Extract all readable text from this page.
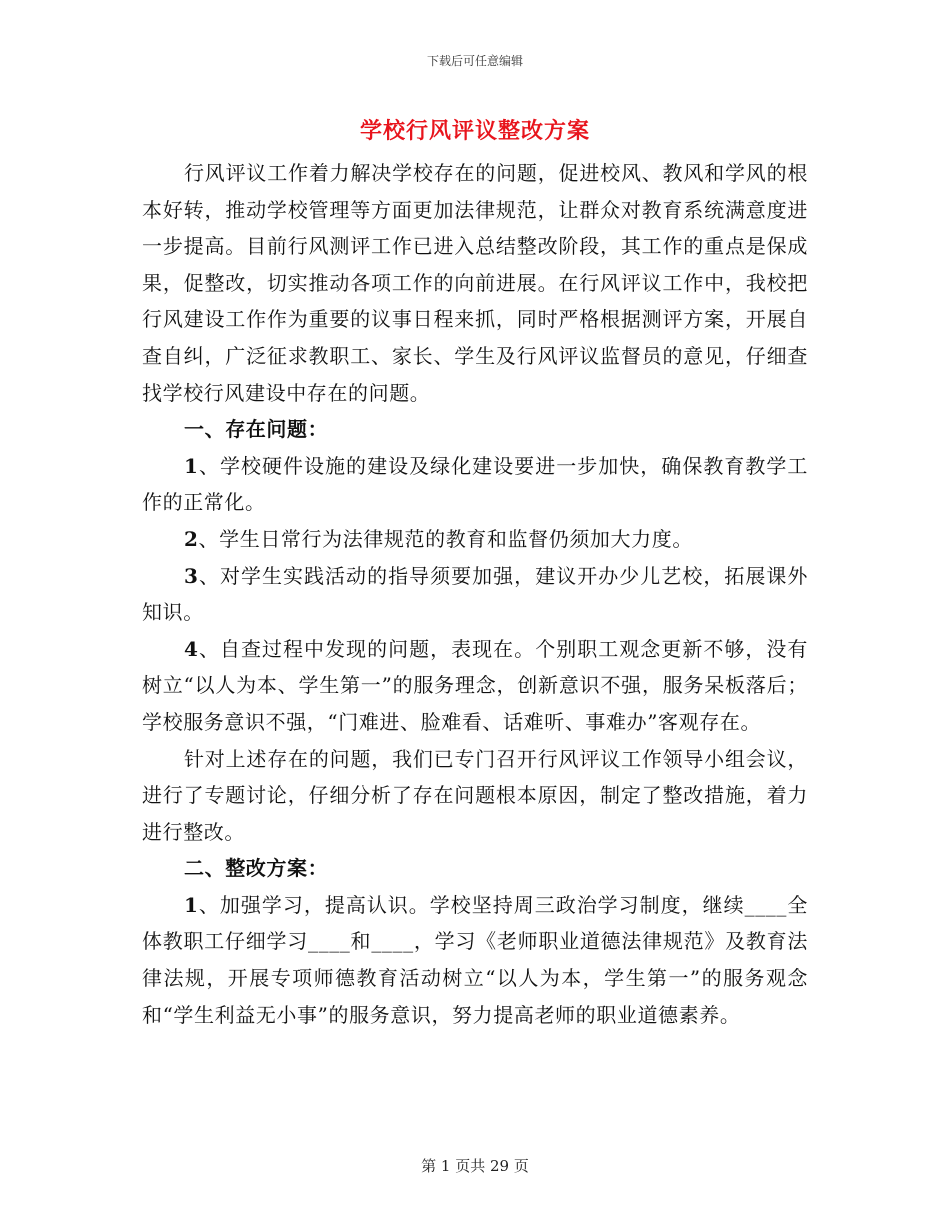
下载后可任意编辑
学校行风评议整改方案

行风评议工作着力解决学校存在的问题，促进校风、教风和学风的根本好转，推动学校管理等方面更加法律规范，让群众对教育系统满意度进一步提高。目前行风测评工作已进入总结整改阶段，其工作的重点是保成果，促整改，切实推动各项工作的向前进展。在行风评议工作中，我校把行风建设工作作为重要的议事日程来抓，同时严格根据测评方案，开展自查自纠，广泛征求教职工、家长、学生及行风评议监督员的意见，仔细查找学校行风建设中存在的问题。

一、存在问题：

1、学校硬件设施的建设及绿化建设要进一步加快，确保教育教学工作的正常化。

2、学生日常行为法律规范的教育和监督仍须加大力度。

3、对学生实践活动的指导须要加强，建议开办少儿艺校，拓展课外知识。

4、自查过程中发现的问题，表现在。个别职工观念更新不够，没有树立“以人为本、学生第一”的服务理念，创新意识不强，服务呆板落后；学校服务意识不强，“门难进、脸难看、话难听、事难办”客观存在。

针对上述存在的问题，我们已专门召开行风评议工作领导小组会议，进行了专题讨论，仔细分析了存在问题根本原因，制定了整改措施，着力进行整改。

二、整改方案：

1、加强学习，提高认识。学校坚持周三政治学习制度，继续____全体教职工仔细学习____和____，学习《老师职业道德法律规范》及教育法律法规，开展专项师德教育活动树立“以人为本，学生第一”的服务观念和“学生利益无小事”的服务意识，努力提高老师的职业道德素养。

第 1 页共 29 页
